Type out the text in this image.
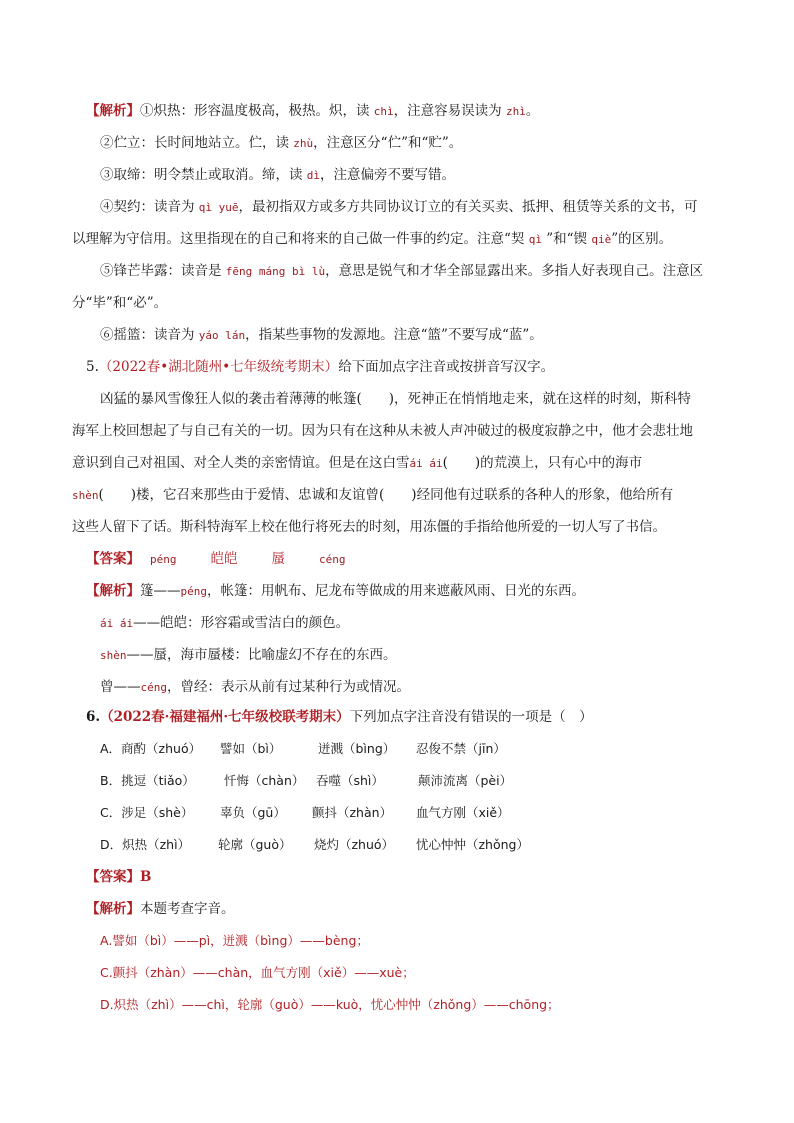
【解析】①炽热：形容温度极高，极热。炽，读 chì，注意容易误读为 zhì。
②伫立：长时间地站立。伫，读 zhù，注意区分“伫”和“贮”。
③取缔：明令禁止或取消。缔，读 dì，注意偏旁不要写错。
④契约：读音为 qì yuē，最初指双方或多方共同协议订立的有关买卖、抵押、租赁等关系的文书，可
以理解为守信用。这里指现在的自己和将来的自己做一件事的约定。注意“契 qì ”和“锲 qiè”的区别。
⑤锋芒毕露：读音是 fēng máng bì lù，意思是锐气和才华全部显露出来。多指人好表现自己。注意区
分“毕”和“必”。
⑥摇篮：读音为 yáo lán，指某些事物的发源地。注意“篮”不要写成“蓝”。
5.（2022春•湖北随州•七年级统考期末）给下面加点字注音或按拼音写汉字。
凶猛的暴风雪像狂人似的袭击着薄薄的帐篷(　　)，死神正在悄悄地走来，就在这样的时刻，斯科特
海军上校回想起了与自己有关的一切。因为只有在这种从未被人声冲破过的极度寂静之中，他才会悲壮地
意识到自己对祖国、对全人类的亲密情谊。但是在这白雪ái ái(　　)的荒漠上，只有心中的海市
shèn(　　)楼，它召来那些由于爱情、忠诚和友谊曾(　　)经同他有过联系的各种人的形象，他给所有
这些人留下了话。斯科特海军上校在他行将死去的时刻，用冻僵的手指给他所爱的一切人写了书信。
【答案】 péng	皑皑	蜃	céng
【解析】篷——péng，帐篷：用帆布、尼龙布等做成的用来遮蔽风雨、日光的东西。
ái ái——皑皑：形容霜或雪洁白的颜色。
shèn——蜃，海市蜃楼：比喻虚幻不存在的东西。
曾——céng，曾经：表示从前有过某种行为或情况。
6.（2022春·福建福州·七年级校联考期末）下列加点字注音没有错误的一项是（　）
A．商酌（zhuó） 譬如（bì）	迸溅（bìng） 忍俊不禁（jīn）
B．挑逗（tiǎo） 忏悔（chàn） 吞噬（shì）	颠沛流离（pèi）
C．涉足（shè） 辜负（gū） 颤抖（zhàn） 血气方刚（xiě）
D．炽热（zhì） 轮廓（guò） 烧灼（zhuó） 忧心忡忡（zhǒng）
【答案】B
【解析】本题考查字音。
A.譬如（bì）——pì，迸溅（bìng）——bèng；
C.颤抖（zhàn）——chàn，血气方刚（xiě）——xuè；
D.炽热（zhì）——chì，轮廓（guò）——kuò，忧心忡忡（zhǒng）——chōng；
